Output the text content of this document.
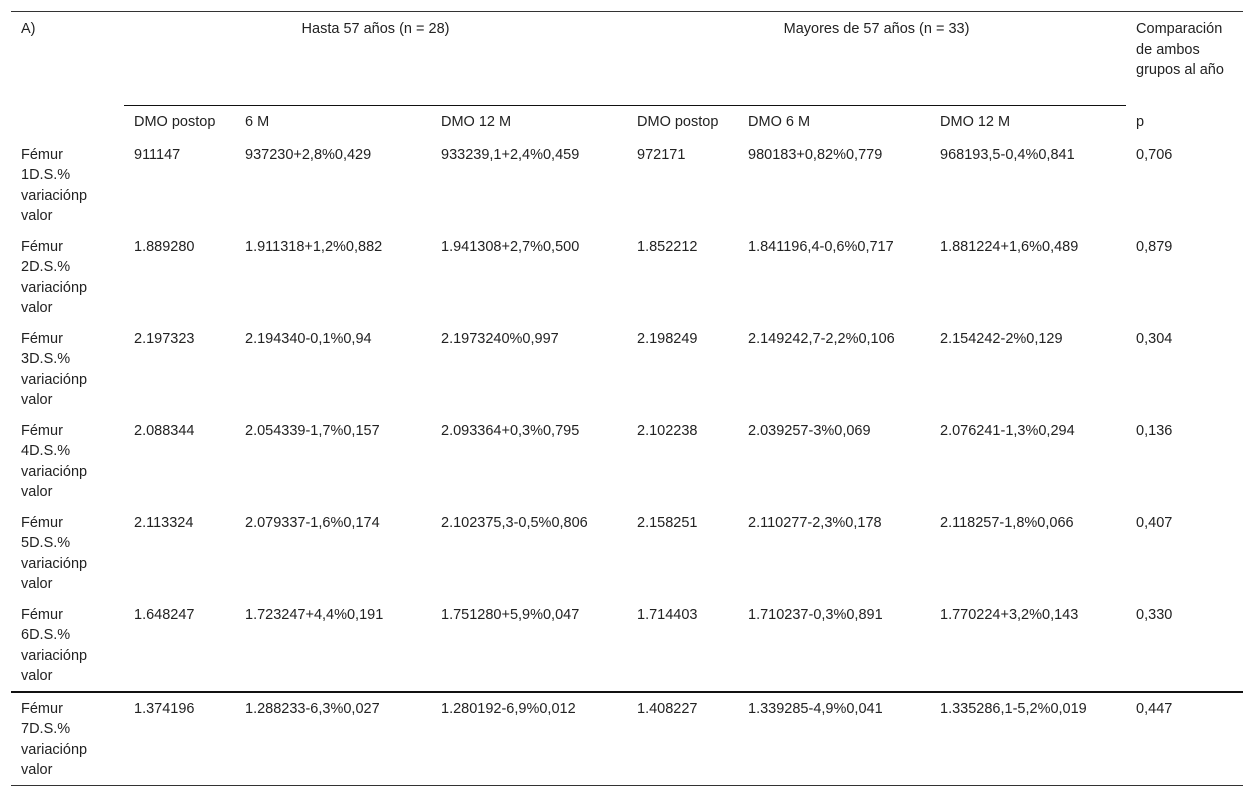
A)	Hasta 57 años (n = 28)			Mayores de 57 años (n = 33)			Comparación de ambos grupos al año
	DMO postop	6 M	DMO 12 M	DMO postop	DMO 6 M	DMO 12 M	p
Fémur 1D.S.% variaciónp valor	911147	937230+2,8%0,429	933239,1+2,4%0,459	972171	980183+0,82%0,779	968193,5-0,4%0,841	0,706
Fémur 2D.S.% variaciónp valor	1.889280	1.911318+1,2%0,882	1.941308+2,7%0,500	1.852212	1.841196,4-0,6%0,717	1.881224+1,6%0,489	0,879
Fémur 3D.S.% variaciónp valor	2.197323	2.194340-0,1%0,94	2.1973240%0,997	2.198249	2.149242,7-2,2%0,106	2.154242-2%0,129	0,304
Fémur 4D.S.% variaciónp valor	2.088344	2.054339-1,7%0,157	2.093364+0,3%0,795	2.102238	2.039257-3%0,069	2.076241-1,3%0,294	0,136
Fémur 5D.S.% variaciónp valor	2.113324	2.079337-1,6%0,174	2.102375,3-0,5%0,806	2.158251	2.110277-2,3%0,178	2.118257-1,8%0,066	0,407
Fémur 6D.S.% variaciónp valor	1.648247	1.723247+4,4%0,191	1.751280+5,9%0,047	1.714403	1.710237-0,3%0,891	1.770224+3,2%0,143	0,330
Fémur 7D.S.% variaciónp valor	1.374196	1.288233-6,3%0,027	1.280192-6,9%0,012	1.408227	1.339285-4,9%0,041	1.335286,1-5,2%0,019	0,447
